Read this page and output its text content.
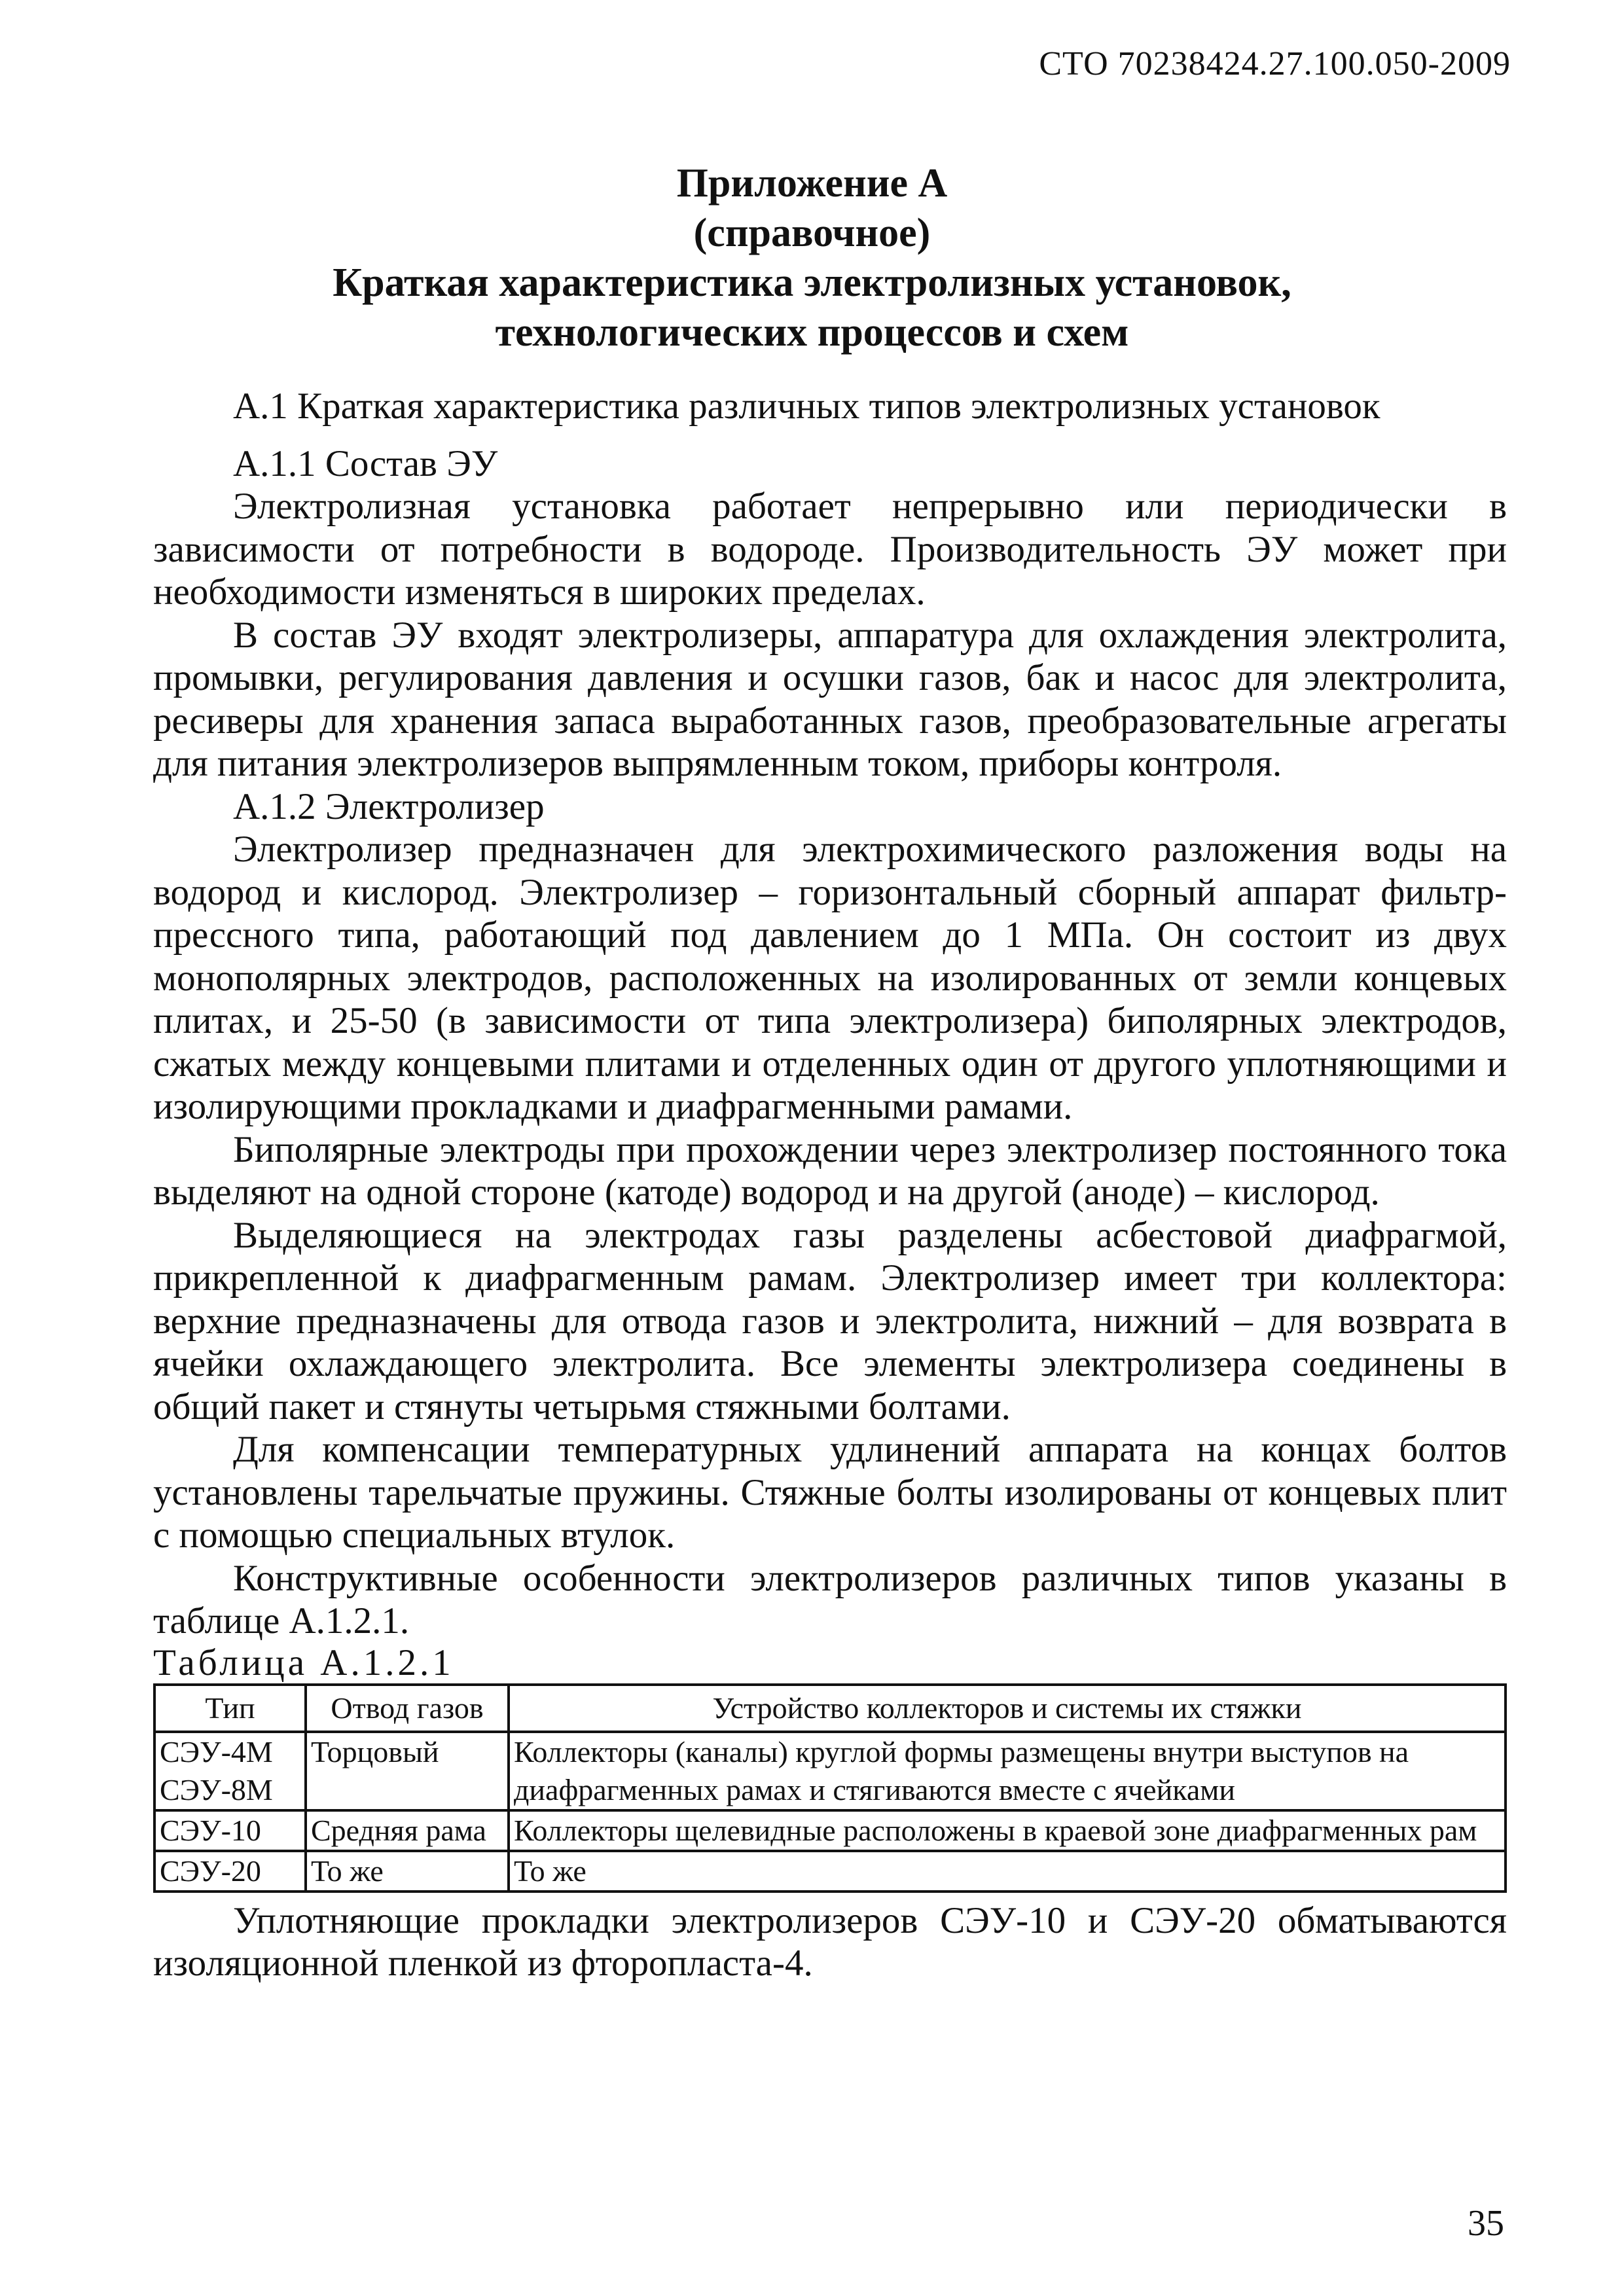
СТО 70238424.27.100.050-2009
Приложение А
(справочное)
Краткая характеристика электролизных установок,
технологических процессов и схем

А.1 Краткая характеристика различных типов электролизных установок

А.1.1 Состав ЭУ

Электролизная установка работает непрерывно или периодически в зависимости от потребности в водороде. Производительность ЭУ может при необходимости изменяться в широких пределах.

В состав ЭУ входят электролизеры, аппаратура для охлаждения электролита, промывки, регулирования давления и осушки газов, бак и насос для электролита, ресиверы для хранения запаса выработанных газов, преобразовательные агрегаты для питания электролизеров выпрямленным током, приборы контроля.

А.1.2 Электролизер

Электролизер предназначен для электрохимического разложения воды на водород и кислород. Электролизер – горизонтальный сборный аппарат фильтр-прессного типа, работающий под давлением до 1 МПа. Он состоит из двух монополярных электродов, расположенных на изолированных от земли концевых плитах, и 25-50 (в зависимости от типа электролизера) биполярных электродов, сжатых между концевыми плитами и отделенных один от другого уплотняющими и изолирующими прокладками и диафрагменными рамами.

Биполярные электроды при прохождении через электролизер постоянного тока выделяют на одной стороне (катоде) водород и на другой (аноде) – кислород.

Выделяющиеся на электродах газы разделены асбестовой диафрагмой, прикрепленной к диафрагменным рамам. Электролизер имеет три коллектора: верхние предназначены для отвода газов и электролита, нижний – для возврата в ячейки охлаждающего электролита. Все элементы электролизера соединены в общий пакет и стянуты четырьмя стяжными болтами.

Для компенсации температурных удлинений аппарата на концах болтов установлены тарельчатые пружины. Стяжные болты изолированы от концевых плит с помощью специальных втулок.

Конструктивные особенности электролизеров различных типов указаны в таблице А.1.2.1.

Таблица А.1.2.1

Тип	Отвод газов	Устройство коллекторов и системы их стяжки
СЭУ-4М
СЭУ-8М	Торцовый	Коллекторы (каналы) круглой формы размещены внутри выступов на диафрагменных рамах и стягиваются вместе с ячейками
СЭУ-10	Средняя рама	Коллекторы щелевидные расположены в краевой зоне диафрагменных рам
СЭУ-20	То же	То же

Уплотняющие прокладки электролизеров СЭУ-10 и СЭУ-20 обматываются изоляционной пленкой из фторопласта-4.

35
